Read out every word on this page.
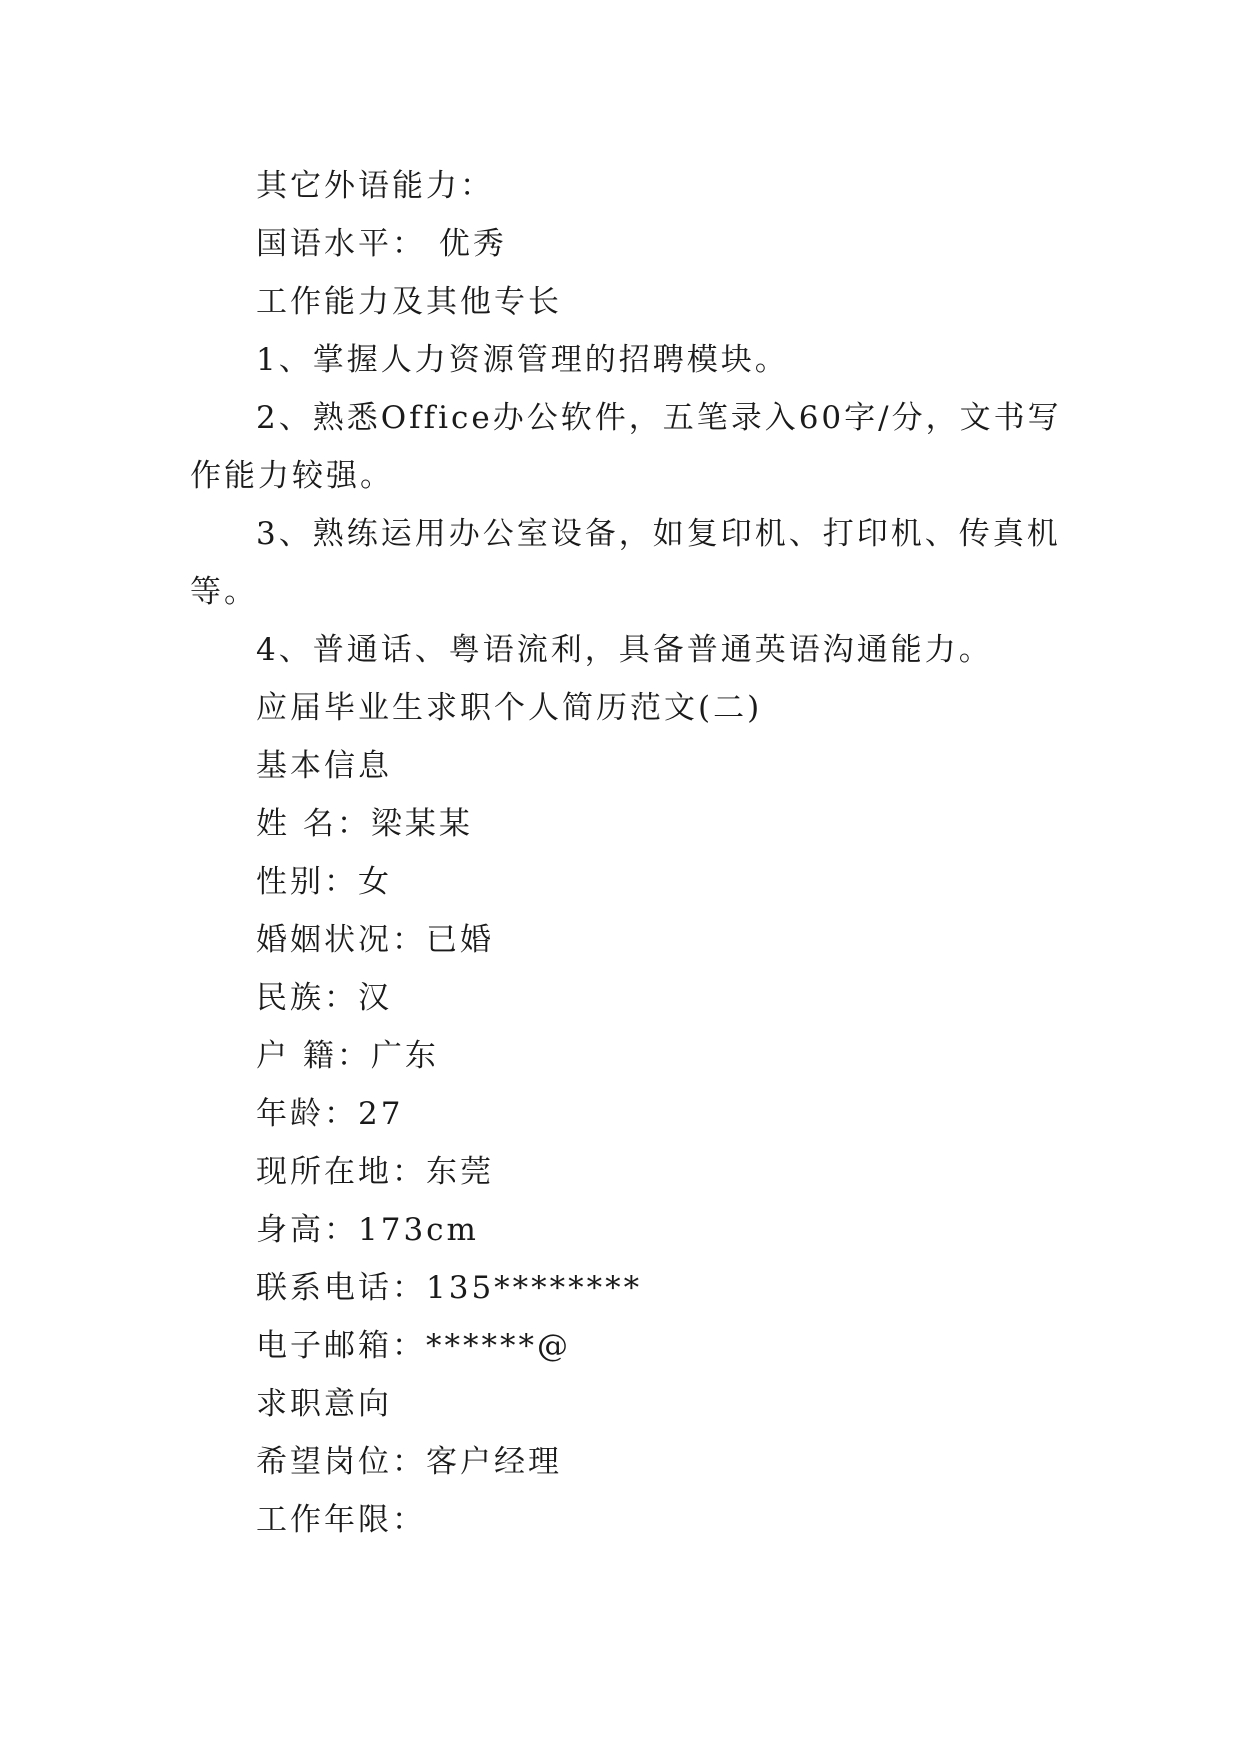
其它外语能力：
国语水平： 优秀
工作能力及其他专长
1、掌握人力资源管理的招聘模块。
2、熟悉Office办公软件，五笔录入60字/分，文书写
作能力较强。
3、熟练运用办公室设备，如复印机、打印机、传真机
等。
4、普通话、粤语流利，具备普通英语沟通能力。
应届毕业生求职个人简历范文(二)
基本信息
姓 名：梁某某
性别：女
婚姻状况：已婚
民族：汉
户 籍：广东
年龄：27
现所在地：东莞
身高：173cm
联系电话：135********
电子邮箱：******@
求职意向
希望岗位：客户经理
工作年限：
